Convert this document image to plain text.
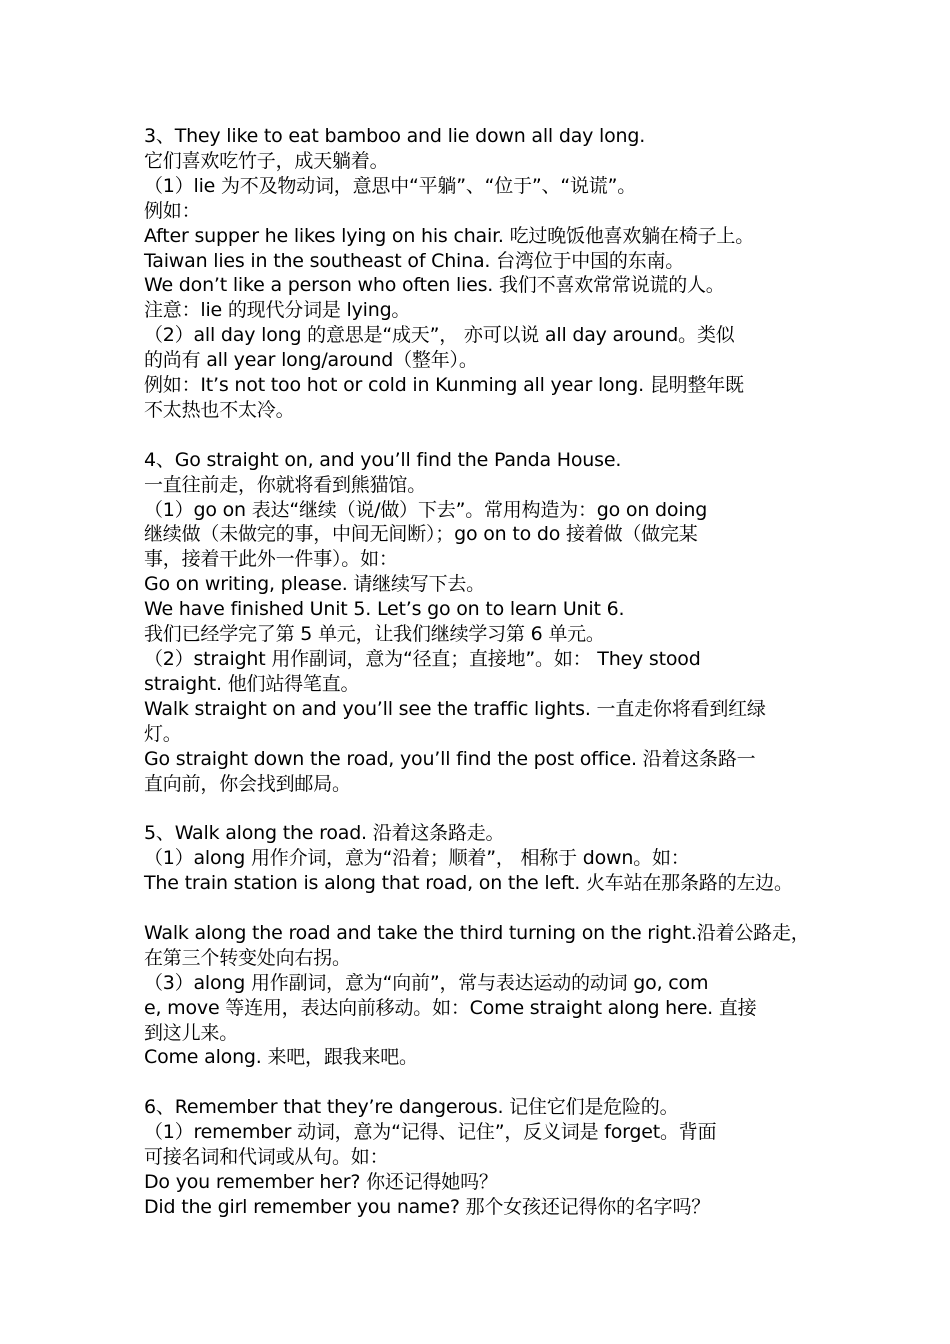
3、They like to eat bamboo and lie down all day long.
它们喜欢吃竹子，成天躺着。
（1）lie 为不及物动词，意思中“平躺”、“位于”、“说谎”。
例如：
After supper he likes lying on his chair. 吃过晚饭他喜欢躺在椅子上。
Taiwan lies in the southeast of China. 台湾位于中国的东南。
We don’t like a person who often lies. 我们不喜欢常常说谎的人。
注意：lie 的现代分词是 lying。
（2）all day long 的意思是“成天”， 亦可以说 all day around。类似
的尚有 all year long/around（整年）。
例如：It’s not too hot or cold in Kunming all year long. 昆明整年既
不太热也不太冷。
4、Go straight on, and you’ll find the Panda House.
一直往前走，你就将看到熊猫馆。
（1）go on 表达“继续（说/做）下去”。常用构造为：go on doing
继续做（未做完的事，中间无间断）；go on to do 接着做（做完某
事，接着干此外一件事）。如：
Go on writing, please. 请继续写下去。
We have finished Unit 5. Let’s go on to learn Unit 6.
我们已经学完了第 5 单元，让我们继续学习第 6 单元。
（2）straight 用作副词，意为“径直；直接地”。如： They stood
straight. 他们站得笔直。
Walk straight on and you’ll see the traffic lights. 一直走你将看到红绿
灯。
Go straight down the road, you’ll find the post office. 沿着这条路一
直向前，你会找到邮局。
5、Walk along the road. 沿着这条路走。
（1）along 用作介词，意为“沿着；顺着”， 相称于 down。如：
The train station is along that road, on the left. 火车站在那条路的左边。
Walk along the road and take the third turning on the right.沿着公路走，
在第三个转变处向右拐。
（3）along 用作副词，意为“向前”，常与表达运动的动词 go, com
e, move 等连用，表达向前移动。如：Come straight along here. 直接
到这儿来。
Come along. 来吧，跟我来吧。
6、Remember that they’re dangerous. 记住它们是危险的。
（1）remember 动词，意为“记得、记住”，反义词是 forget。背面
可接名词和代词或从句。如：
Do you remember her? 你还记得她吗？
Did the girl remember you name? 那个女孩还记得你的名字吗？
